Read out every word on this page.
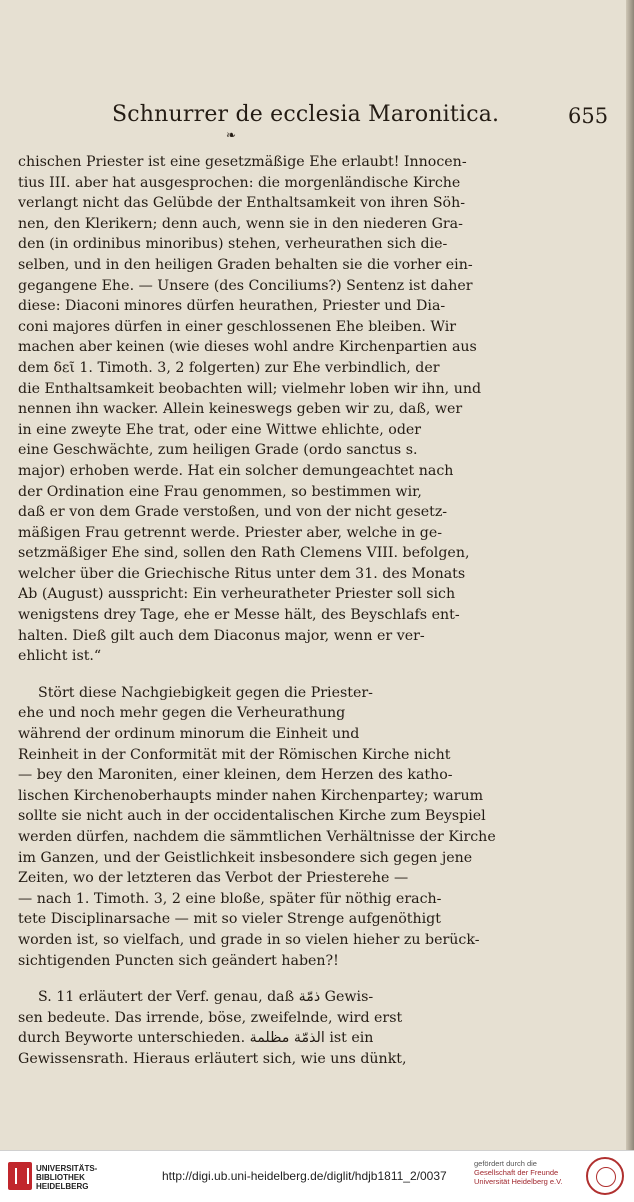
Schnurrer de ecclesia Maronitica.	655
❧
chischen Priester ist eine gesetzmäßige Ehe erlaubt! Innocen-
tius III. aber hat ausgesprochen: die morgenländische Kirche
verlangt nicht das Gelübde der Enthaltsamkeit von ihren Söh-
nen, den Klerikern; denn auch, wenn sie in den niederen Gra-
den (in ordinibus minoribus) stehen, verheurathen sich die-
selben, und in den heiligen Graden behalten sie die vorher ein-
gegangene Ehe. — Unsere (des Conciliums?) Sentenz ist daher
diese: Diaconi minores dürfen heurathen, Priester und Dia-
coni majores dürfen in einer geschlossenen Ehe bleiben. Wir
machen aber keinen (wie dieses wohl andre Kirchenpartien aus
dem δεῖ 1. Timoth. 3, 2 folgerten) zur Ehe verbindlich, der
die Enthaltsamkeit beobachten will; vielmehr loben wir ihn, und
nennen ihn wacker. Allein keineswegs geben wir zu, daß, wer
in eine zweyte Ehe trat, oder eine Wittwe ehlichte, oder
eine Geschwächte, zum heiligen Grade (ordo sanctus s.
major) erhoben werde. Hat ein solcher demungeachtet nach
der Ordination eine Frau genommen, so bestimmen wir,
daß er von dem Grade verstoßen, und von der nicht gesetz-
mäßigen Frau getrennt werde. Priester aber, welche in ge-
setzmäßiger Ehe sind, sollen den Rath Clemens VIII. befolgen,
welcher über die Griechische Ritus unter dem 31. des Monats
Ab (August) ausspricht: Ein verheuratheter Priester soll sich
wenigstens drey Tage, ehe er Messe hält, des Beyschlafs ent-
halten. Dieß gilt auch dem Diaconus major, wenn er ver-
ehlicht ist.“
Stört diese Nachgiebigkeit gegen die Priester-
ehe und noch mehr gegen die Verheurathung
während der ordinum minorum die Einheit und
Reinheit in der Conformität mit der Römischen Kirche nicht
— bey den Maroniten, einer kleinen, dem Herzen des katho-
lischen Kirchenoberhaupts minder nahen Kirchenpartey; warum
sollte sie nicht auch in der occidentalischen Kirche zum Beyspiel
werden dürfen, nachdem die sämmtlichen Verhältnisse der Kirche
im Ganzen, und der Geistlichkeit insbesondere sich gegen jene
Zeiten, wo der letzteren das Verbot der Priesterehe —
— nach 1. Timoth. 3, 2 eine bloße, später für nöthig erach-
tete Disciplinarsache — mit so vieler Strenge aufgenöthigt
worden ist, so vielfach, und grade in so vielen hieher zu berück-
sichtigenden Puncten sich geändert haben?!
S. 11 erläutert der Verf. genau, daß ذمّة Gewis-
sen bedeute. Das irrende, böse, zweifelnde, wird erst
durch Beyworte unterschieden.	الذمّة مظلمة	ist ein
Gewissensrath. Hieraus erläutert sich, wie uns dünkt,
UNIVERSITÄTS-
BIBLIOTHEK
HEIDELBERG
http://digi.ub.uni-heidelberg.de/diglit/hdjb1811_2/0037
gefördert durch die
Gesellschaft der Freunde
Universität Heidelberg e.V.
